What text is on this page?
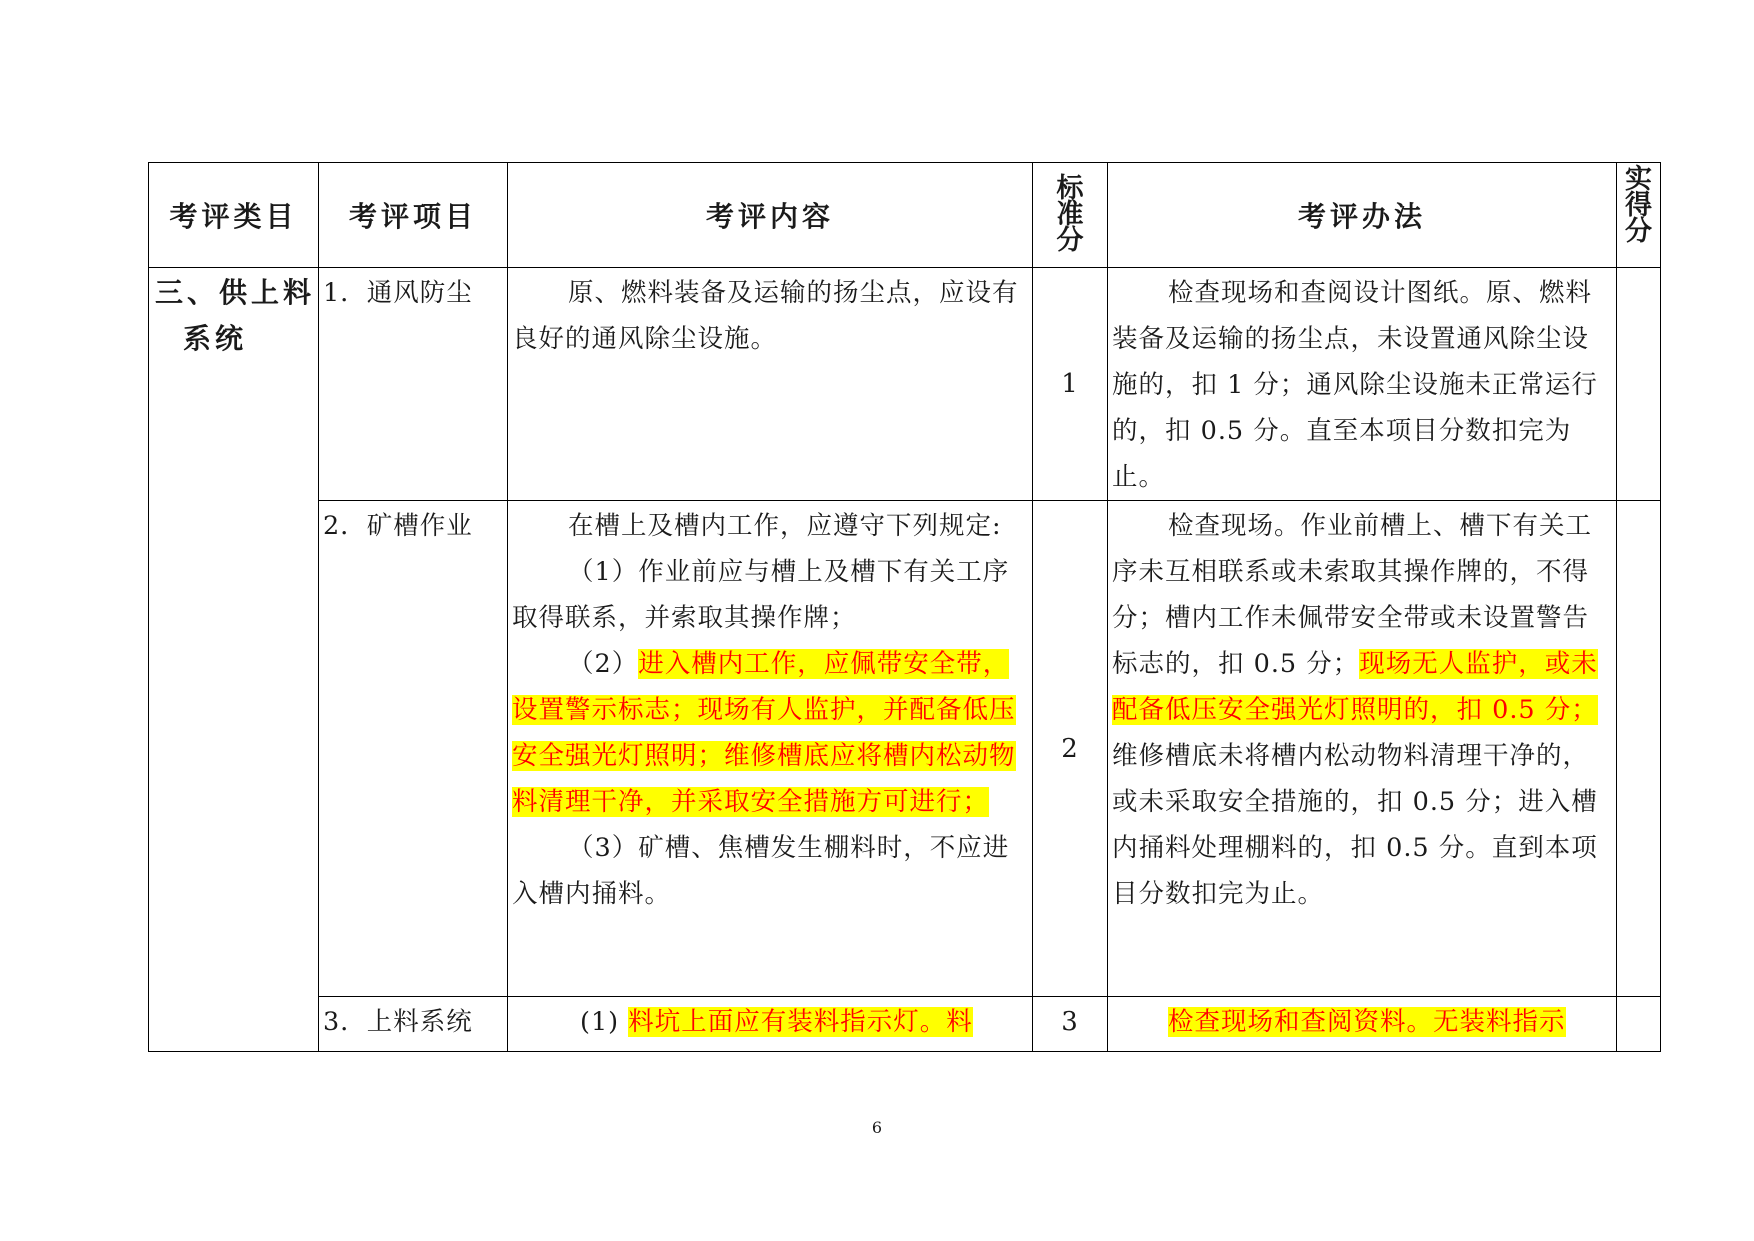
考评类目	考评项目	考评内容	标准分	考评办法	实得分

三、供上料
系统	1．通风防尘	原、燃料装备及运输的扬尘点，应设有良好的通风除尘设施。	1	检查现场和查阅设计图纸。原、燃料装备及运输的扬尘点，未设置通风除尘设施的，扣 1 分；通风除尘设施未正常运行的，扣 0.5 分。直至本项目分数扣完为止。	

	2．矿槽作业	在槽上及槽内工作，应遵守下列规定:

（1）作业前应与槽上及槽下有关工序取得联系，并索取其操作牌；

（2）进入槽内工作，应佩带安全带，设置警示标志；现场有人监护，并配备低压安全强光灯照明；维修槽底应将槽内松动物料清理干净，并采取安全措施方可进行；

（3）矿槽、焦槽发生棚料时，不应进入槽内捅料。	2	检查现场。作业前槽上、槽下有关工序未互相联系或未索取其操作牌的，不得分；槽内工作未佩带安全带或未设置警告标志的，扣 0.5 分；现场无人监护，或未配备低压安全强光灯照明的，扣 0.5 分；维修槽底未将槽内松动物料清理干净的，或未采取安全措施的，扣 0.5 分；进入槽内捅料处理棚料的，扣 0.5 分。直到本项目分数扣完为止。	

	3．上料系统	(1) 料坑上面应有装料指示灯。料	3	检查现场和查阅资料。无装料指示	

6
